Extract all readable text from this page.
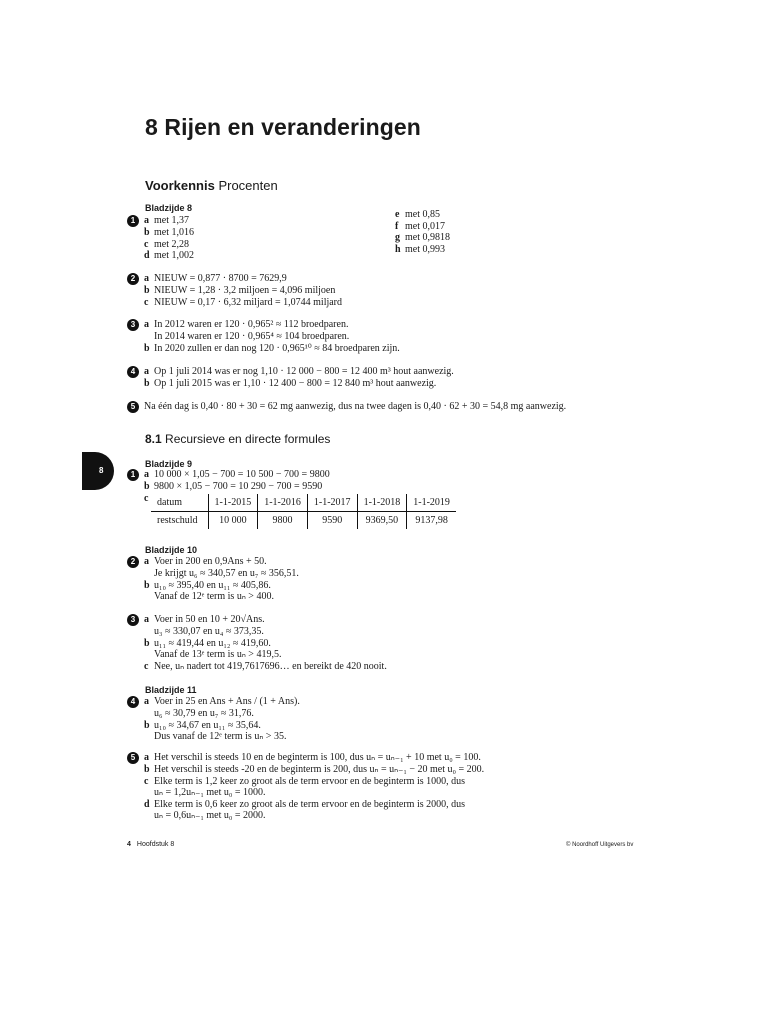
8 Rijen en veranderingen
Voorkennis Procenten
Bladzijde 8
1 a met 1,37
b met 1,016
c met 2,28
d met 1,002
e met 0,85
f met 0,017
g met 0,9818
h met 0,993
2 a NIEUW = 0,877 · 8700 = 7629,9
b NIEUW = 1,28 · 3,2 miljoen = 4,096 miljoen
c NIEUW = 0,17 · 6,32 miljard = 1,0744 miljard
3 a In 2012 waren er 120 · 0,965² ≈ 112 broedparen.
In 2014 waren er 120 · 0,965⁴ ≈ 104 broedparen.
b In 2020 zullen er dan nog 120 · 0,965¹⁰ ≈ 84 broedparen zijn.
4 a Op 1 juli 2014 was er nog 1,10 · 12 000 − 800 = 12 400 m³ hout aanwezig.
b Op 1 juli 2015 was er 1,10 · 12 400 − 800 = 12 840 m³ hout aanwezig.
5 Na één dag is 0,40 · 80 + 30 = 62 mg aanwezig, dus na twee dagen is 0,40 · 62 + 30 = 54,8 mg aanwezig.
8.1 Recursieve en directe formules
8
Bladzijde 9
1 a 10 000 × 1,05 − 700 = 10 500 − 700 = 9800
b 9800 × 1,05 − 700 = 10 290 − 700 = 9590
c datum	1-1-2015	1-1-2016	1-1-2017	1-1-2018	1-1-2019
restschuld	10 000	9800	9590	9369,50	9137,98
Bladzijde 10
2 a Voer in 200 en 0,9Ans + 50.
Je krijgt u₆ ≈ 340,57 en u₇ ≈ 356,51.
b u₁₀ ≈ 395,40 en u₁₁ ≈ 405,86.
Vanaf de 12ᵉ term is uₙ > 400.
3 a Voer in 50 en 10 + 20√Ans.
u₃ ≈ 330,07 en u₄ ≈ 373,35.
b u₁₁ ≈ 419,44 en u₁₂ ≈ 419,60.
Vanaf de 13ᵉ term is uₙ > 419,5.
c Nee, uₙ nadert tot 419,7617696… en bereikt de 420 nooit.
Bladzijde 11
4 a Voer in 25 en Ans + Ans / (1 + Ans).
u₆ ≈ 30,79 en u₇ ≈ 31,76.
b u₁₀ ≈ 34,67 en u₁₁ ≈ 35,64.
Dus vanaf de 12ᵉ term is uₙ > 35.
5 a Het verschil is steeds 10 en de beginterm is 100, dus uₙ = uₙ₋₁ + 10 met u₀ = 100.
b Het verschil is steeds -20 en de beginterm is 200, dus uₙ = uₙ₋₁ − 20 met u₀ = 200.
c Elke term is 1,2 keer zo groot als de term ervoor en de beginterm is 1000, dus
uₙ = 1,2uₙ₋₁ met u₀ = 1000.
d Elke term is 0,6 keer zo groot als de term ervoor en de beginterm is 2000, dus
uₙ = 0,6uₙ₋₁ met u₀ = 2000.
4 Hoofdstuk 8	© Noordhoff Uitgevers bv
